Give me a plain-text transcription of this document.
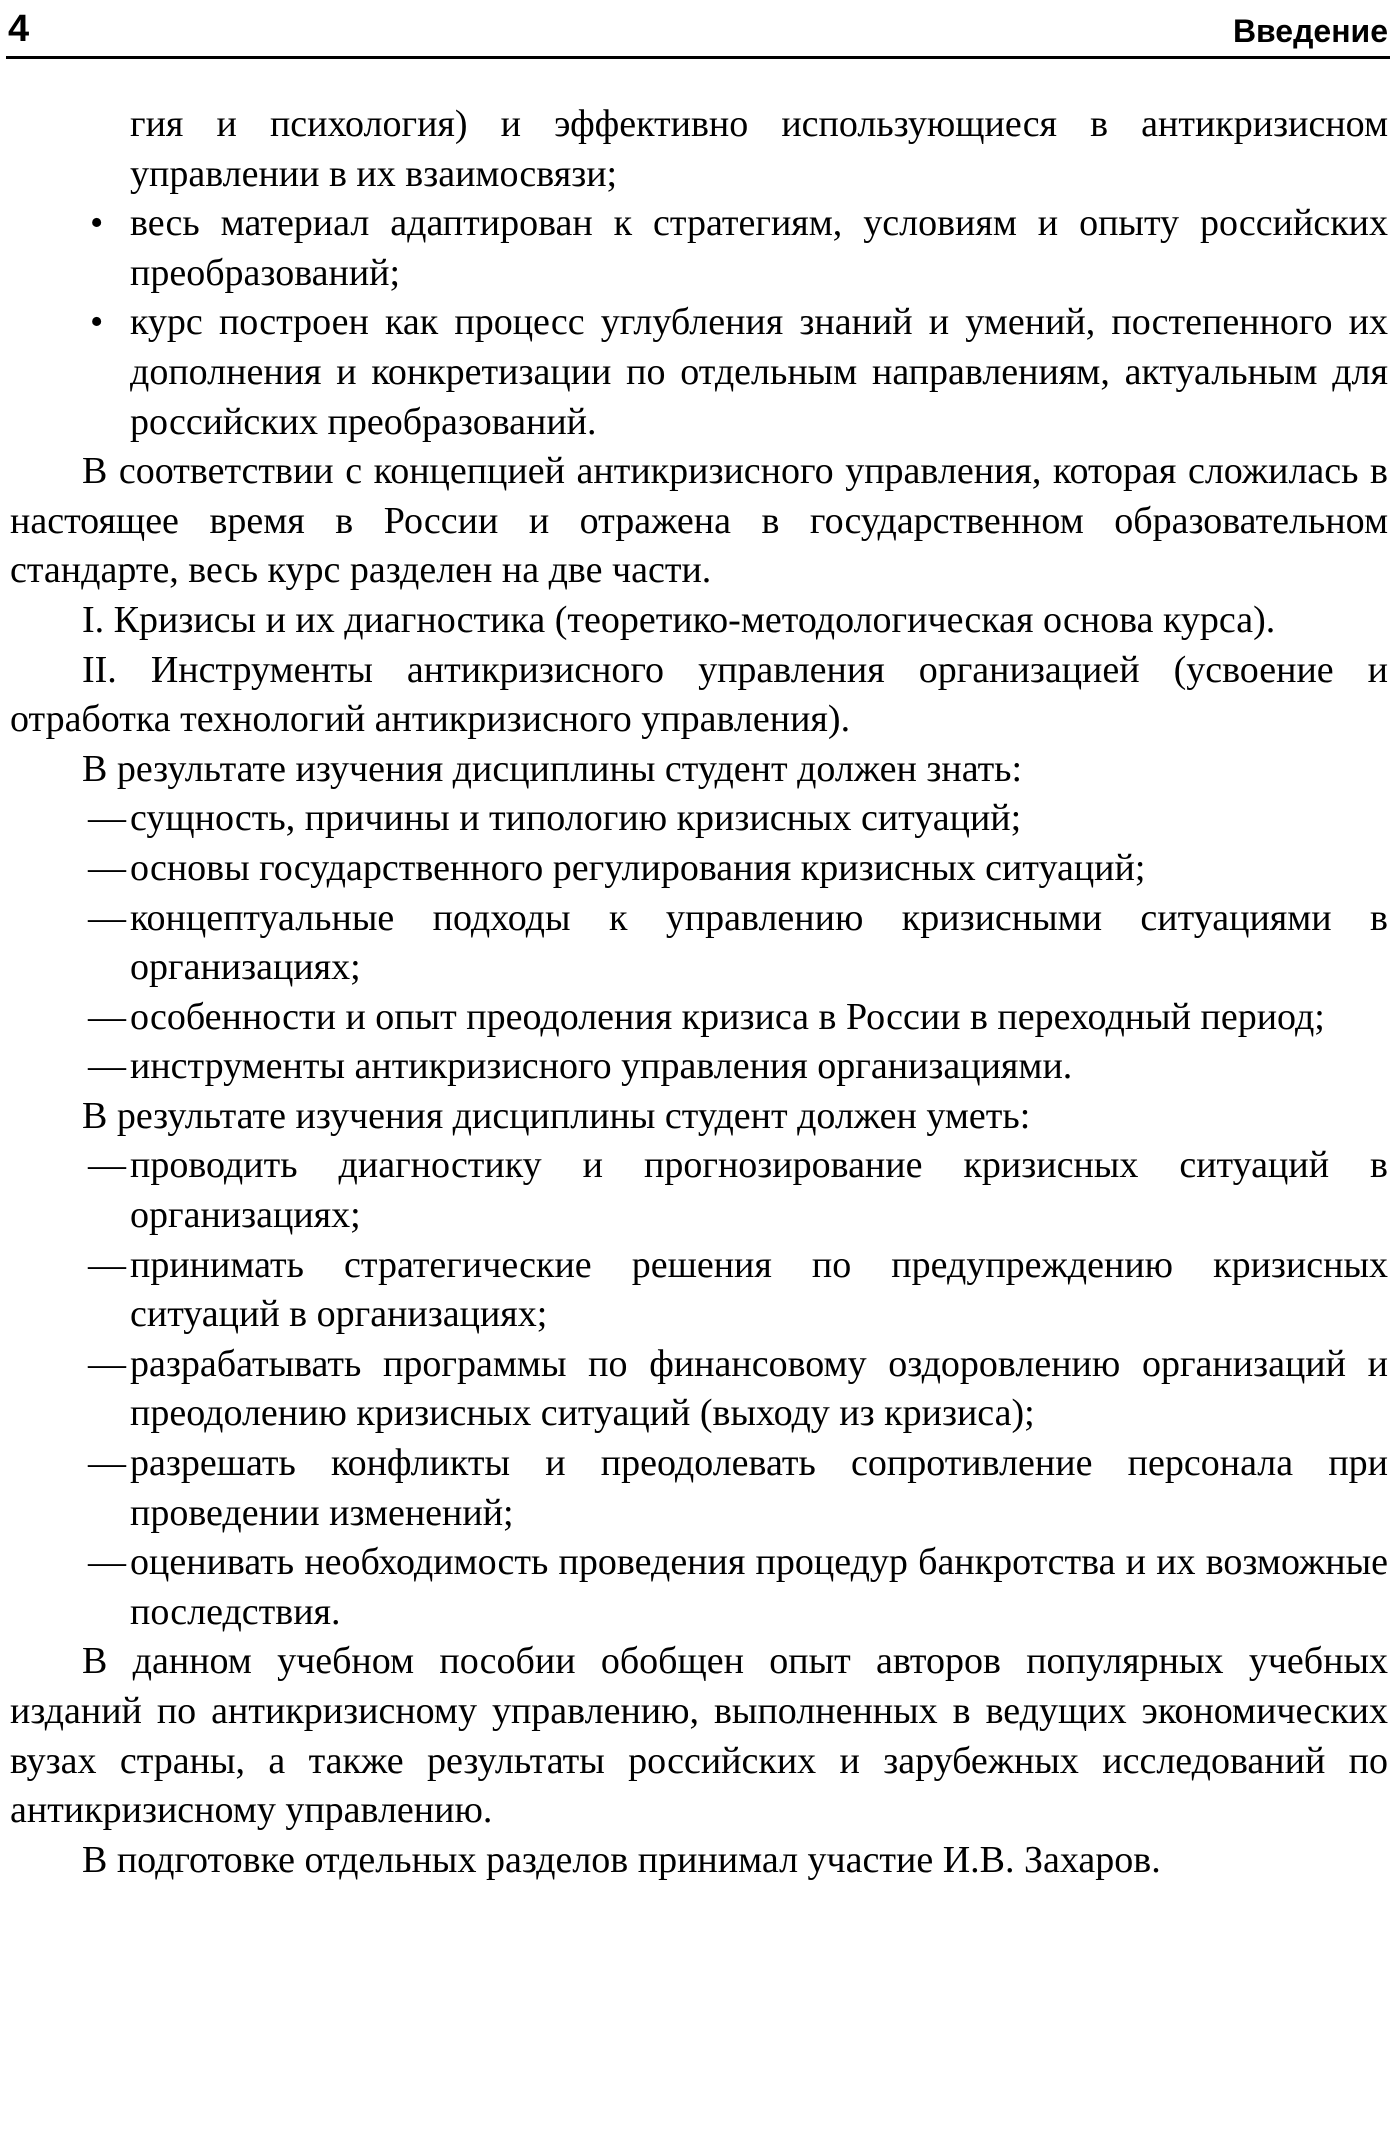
4	Введение

гия и психология) и эффективно использующиеся в антикризисном управлении в их взаимосвязи;

• весь материал адаптирован к стратегиям, условиям и опыту российских преобразований;
• курс построен как процесс углубления знаний и умений, постепенного их дополнения и конкретизации по отдельным направлениям, актуальным для российских преобразований.

В соответствии с концепцией антикризисного управления, которая сложилась в настоящее время в России и отражена в государственном образовательном стандарте, весь курс разделен на две части.

I. Кризисы и их диагностика (теоретико-методологическая основа курса).

II. Инструменты антикризисного управления организацией (усвоение и отработка технологий антикризисного управления).

В результате изучения дисциплины студент должен знать:

— сущность, причины и типологию кризисных ситуаций;
— основы государственного регулирования кризисных ситуаций;
— концептуальные подходы к управлению кризисными ситуациями в организациях;
— особенности и опыт преодоления кризиса в России в переходный период;
— инструменты антикризисного управления организациями.

В результате изучения дисциплины студент должен уметь:

— проводить диагностику и прогнозирование кризисных ситуаций в организациях;
— принимать стратегические решения по предупреждению кризисных ситуаций в организациях;
— разрабатывать программы по финансовому оздоровлению организаций и преодолению кризисных ситуаций (выходу из кризиса);
— разрешать конфликты и преодолевать сопротивление персонала при проведении изменений;
— оценивать необходимость проведения процедур банкротства и их возможные последствия.

В данном учебном пособии обобщен опыт авторов популярных учебных изданий по антикризисному управлению, выполненных в ведущих экономических вузах страны, а также результаты российских и зарубежных исследований по антикризисному управлению.

В подготовке отдельных разделов принимал участие И.В. Захаров.
